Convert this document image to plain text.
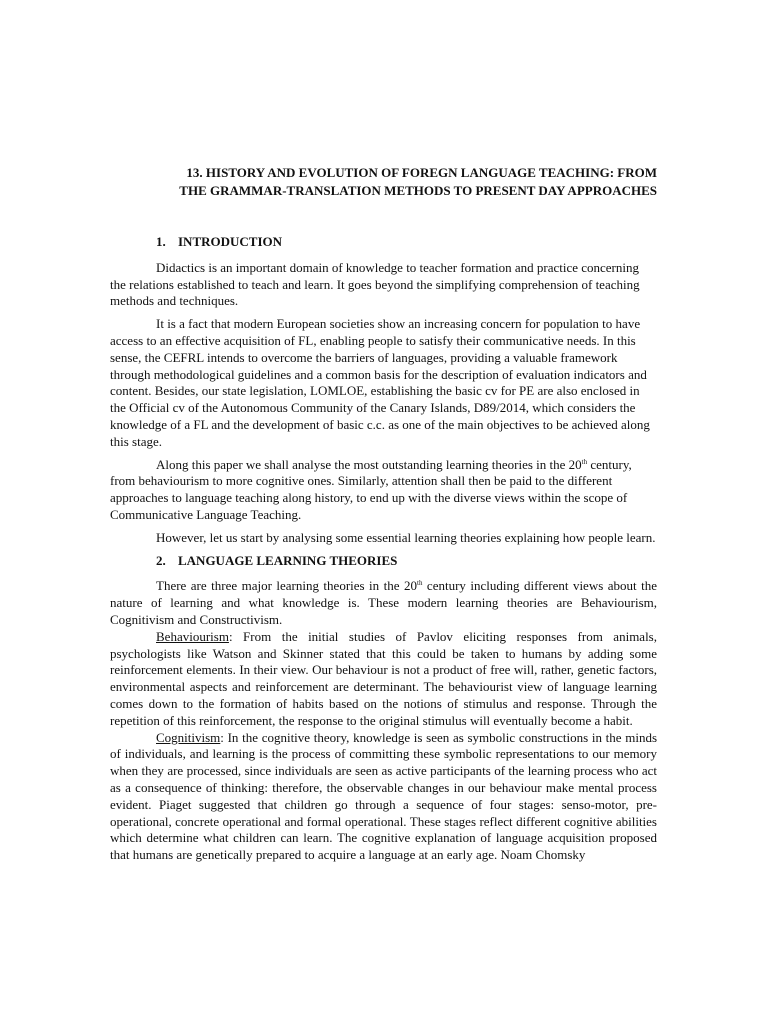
13. HISTORY AND EVOLUTION OF FOREGN LANGUAGE TEACHING: FROM

THE GRAMMAR-TRANSLATION METHODS TO PRESENT DAY APPROACHES

1. INTRODUCTION

Didactics is an important domain of knowledge to teacher formation and practice concerning the relations established to teach and learn. It goes beyond the simplifying comprehension of teaching methods and techniques.

It is a fact that modern European societies show an increasing concern for population to have access to an effective acquisition of FL, enabling people to satisfy their communicative needs. In this sense, the CEFRL intends to overcome the barriers of languages, providing a valuable framework through methodological guidelines and a common basis for the description of evaluation indicators and content. Besides, our state legislation, LOMLOE, establishing the basic cv for PE are also enclosed in the Official cv of the Autonomous Community of the Canary Islands, D89/2014, which considers the knowledge of a FL and the development of basic c.c. as one of the main objectives to be achieved along this stage.

Along this paper we shall analyse the most outstanding learning theories in the 20th century, from behaviourism to more cognitive ones. Similarly, attention shall then be paid to the different approaches to language teaching along history, to end up with the diverse views within the scope of Communicative Language Teaching.

However, let us start by analysing some essential learning theories explaining how people learn.

2. LANGUAGE LEARNING THEORIES

There are three major learning theories in the 20th century including different views about the nature of learning and what knowledge is. These modern learning theories are Behaviourism, Cognitivism and Constructivism.

Behaviourism: From the initial studies of Pavlov eliciting responses from animals, psychologists like Watson and Skinner stated that this could be taken to humans by adding some reinforcement elements. In their view. Our behaviour is not a product of free will, rather, genetic factors, environmental aspects and reinforcement are determinant. The behaviourist view of language learning comes down to the formation of habits based on the notions of stimulus and response. Through the repetition of this reinforcement, the response to the original stimulus will eventually become a habit.

Cognitivism: In the cognitive theory, knowledge is seen as symbolic constructions in the minds of individuals, and learning is the process of committing these symbolic representations to our memory when they are processed, since individuals are seen as active participants of the learning process who act as a consequence of thinking: therefore, the observable changes in our behaviour make mental process evident. Piaget suggested that children go through a sequence of four stages: senso-motor, pre-operational, concrete operational and formal operational. These stages reflect different cognitive abilities which determine what children can learn. The cognitive explanation of language acquisition proposed that humans are genetically prepared to acquire a language at an early age. Noam Chomsky
